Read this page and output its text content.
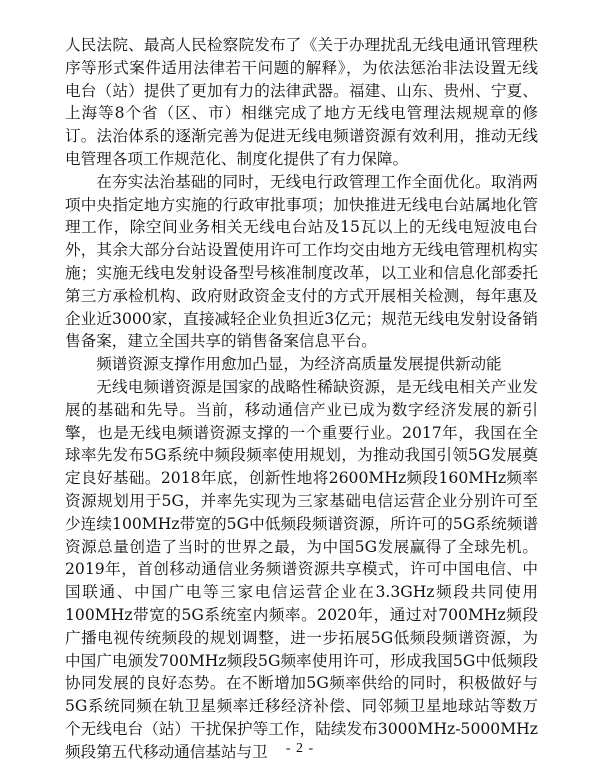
人民法院、最高人民检察院发布了《关于办理扰乱无线电通讯管理秩序等形式案件适用法律若干问题的解释》，为依法惩治非法设置无线电台（站）提供了更加有力的法律武器。福建、山东、贵州、宁夏、上海等8个省（区、市）相继完成了地方无线电管理法规规章的修订。法治体系的逐渐完善为促进无线电频谱资源有效利用，推动无线电管理各项工作规范化、制度化提供了有力保障。

在夯实法治基础的同时，无线电行政管理工作全面优化。取消两项中央指定地方实施的行政审批事项；加快推进无线电台站属地化管理工作，除空间业务相关无线电台站及15瓦以上的无线电短波电台外，其余大部分台站设置使用许可工作均交由地方无线电管理机构实施；实施无线电发射设备型号核准制度改革，以工业和信息化部委托第三方承检机构、政府财政资金支付的方式开展相关检测，每年惠及企业近3000家，直接减轻企业负担近3亿元；规范无线电发射设备销售备案，建立全国共享的销售备案信息平台。

频谱资源支撑作用愈加凸显，为经济高质量发展提供新动能

无线电频谱资源是国家的战略性稀缺资源，是无线电相关产业发展的基础和先导。当前，移动通信产业已成为数字经济发展的新引擎，也是无线电频谱资源支撑的一个重要行业。2017年，我国在全球率先发布5G系统中频段频率使用规划，为推动我国引领5G发展奠定良好基础。2018年底，创新性地将2600MHz频段160MHz频率资源规划用于5G，并率先实现为三家基础电信运营企业分别许可至少连续100MHz带宽的5G中低频段频谱资源，所许可的5G系统频谱资源总量创造了当时的世界之最，为中国5G发展赢得了全球先机。2019年，首创移动通信业务频谱资源共享模式，许可中国电信、中国联通、中国广电等三家电信运营企业在3.3GHz频段共同使用100MHz带宽的5G系统室内频率。2020年，通过对700MHz频段广播电视传统频段的规划调整，进一步拓展5G低频段频谱资源，为中国广电颁发700MHz频段5G频率使用许可，形成我国5G中低频段协同发展的良好态势。在不断增加5G频率供给的同时，积极做好与5G系统同频在轨卫星频率迁移经济补偿、同邻频卫星地球站等数万个无线电台（站）干扰保护等工作，陆续发布3000MHz-5000MHz频段第五代移动通信基站与卫	- 2 -
